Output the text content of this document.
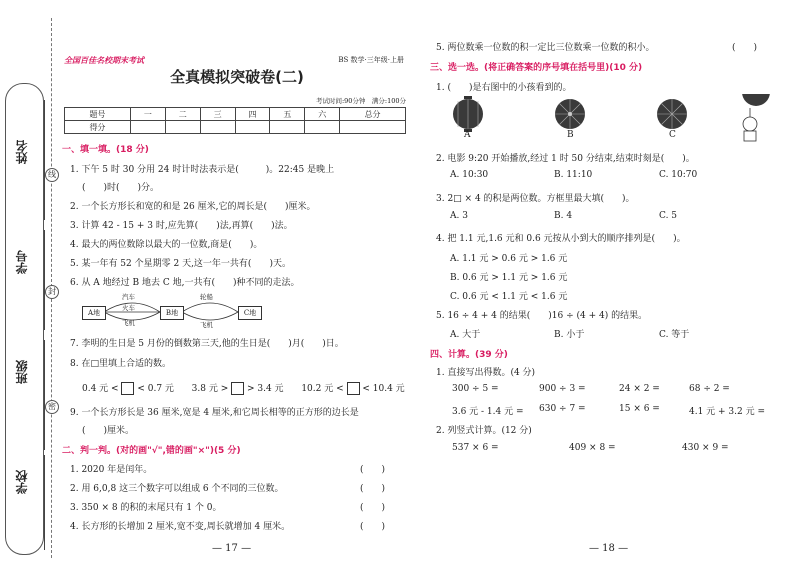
姓名
学号
班级
学校
线
封
密
全国百佳名校期末考试	BS 数学·三年级·上册
全真模拟突破卷(二)
考试时间:90分钟　满分:100分
题号	一	二	三	四	五	六	总分
得分							
一、填一填。(18 分)
1. 下午 5 时 30 分用 24 时计时法表示是(　　　)。22:45 是晚上
(　　)时(　　)分。
2. 一个长方形长和宽的和是 26 厘米,它的周长是(　　)厘米。
3. 计算 42 - 15 + 3 时,应先算(　　)法,再算(　　)法。
4. 最大的两位数除以最大的一位数,商是(　　)。
5. 某一年有 52 个星期零 2 天,这一年一共有(　　)天。
6. 从 A 地经过 B 地去 C 地,一共有(　　)种不同的走法。
A地	B地	C地
汽车
火车
飞机
轮船
飞机
7. 李明的生日是 5 月份的倒数第三天,他的生日是(　　)月(　　)日。
8. 在□里填上合适的数。
0.4 元 < < 0.7 元 3.8 元 > > 3.4 元 10.2 元 < < 10.4 元
9. 一个长方形长是 36 厘米,宽是 4 厘米,和它周长相等的正方形的边长是
(　　)厘米。
二、判一判。(对的画"√",错的画"×")(5 分)
1. 2020 年是闰年。	(　　)
2. 用 6,0,8 这三个数字可以组成 6 个不同的三位数。	(　　)
3. 350 × 8 的积的末尾只有 1 个 0。	(　　)
4. 长方形的长增加 2 厘米,宽不变,周长就增加 4 厘米。	(　　)
— 17 —
5. 两位数乘一位数的积一定比三位数乘一位数的积小。	(　　)
三、选一选。(将正确答案的序号填在括号里)(10 分)
1. (　　)是右图中的小孩看到的。
A	B	C
2. 电影 9:20 开始播放,经过 1 时 50 分结束,结束时刻是(　　)。
A. 10:30	B. 11:10	C. 10:70
3. 2□ × 4 的积是两位数。方框里最大填(　　)。
A. 3	B. 4	C. 5
4. 把 1.1 元,1.6 元和 0.6 元按从小到大的顺序排列是(　　)。
A. 1.1 元 > 0.6 元 > 1.6 元
B. 0.6 元 > 1.1 元 > 1.6 元
C. 0.6 元 < 1.1 元 < 1.6 元
5. 16 ÷ 4 + 4 的结果(　　)16 ÷ (4 + 4) 的结果。
A. 大于	B. 小于	C. 等于
四、计算。(39 分)
1. 直接写出得数。(4 分)
300 ÷ 5 =	900 ÷ 3 =	24 × 2 =	68 ÷ 2 =
3.6 元 - 1.4 元 = 630 ÷ 7 =	15 × 6 =	4.1 元 + 3.2 元 =
2. 列竖式计算。(12 分)
537 × 6 =	409 × 8 =	430 × 9 =
— 18 —
